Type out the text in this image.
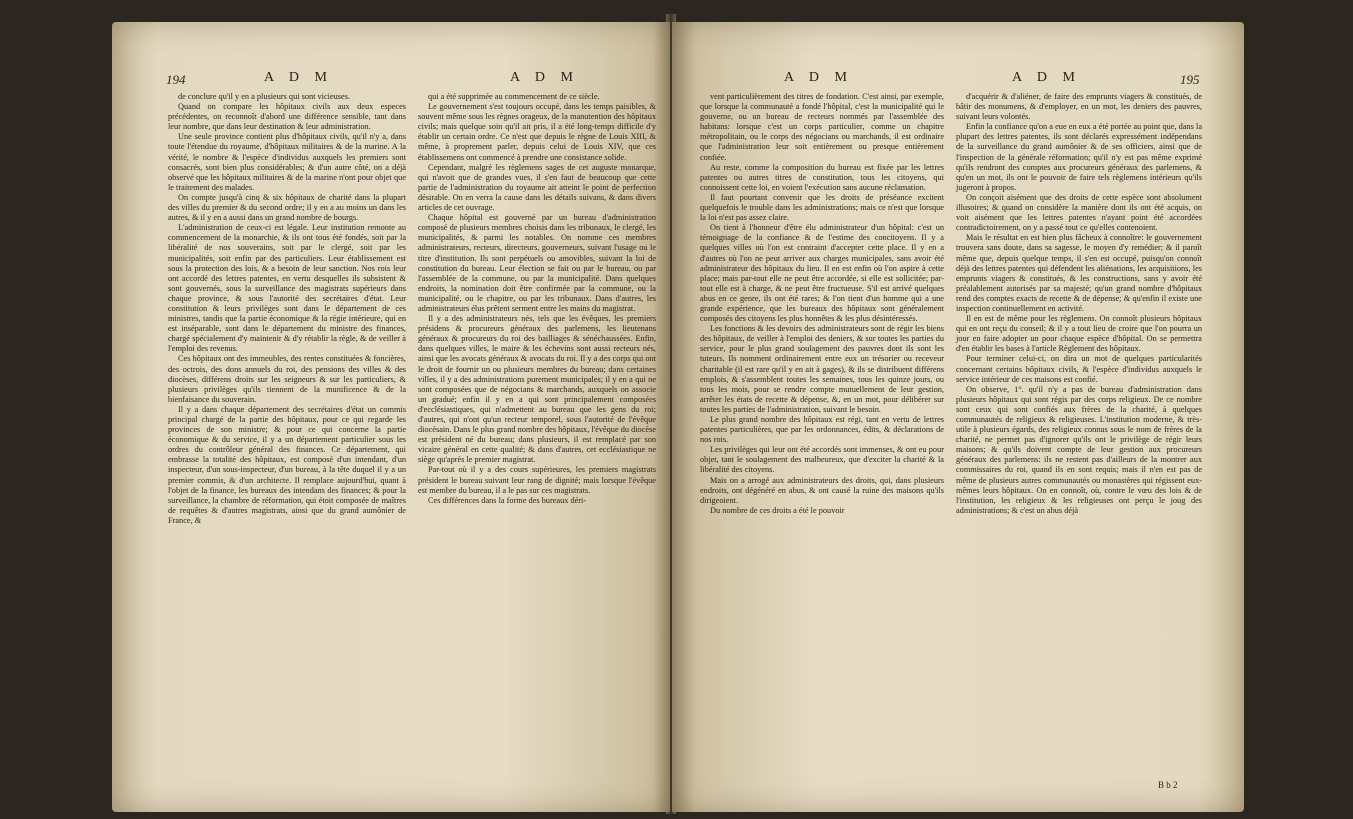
194	A D M	A D M

de conclure qu'il y en a plusieurs qui sont vicieuses.

Quand on compare les hôpitaux civils aux deux especes précédentes, on reconnoît d'abord une différence sensible, tant dans leur nombre, que dans leur destination & leur administration.

Une seule province contient plus d'hôpitaux civils, qu'il n'y a, dans toute l'étendue du royaume, d'hôpitaux militaires & de la marine. A la vérité, le nombre & l'espèce d'individus auxquels les premiers sont consacrés, sont bien plus considérables; & d'un autre côté, on a déjà observé que les hôpitaux militaires & de la marine n'ont pour objet que le traitement des malades.

On compte jusqu'à cinq & six hôpitaux de charité dans la plupart des villes du premier & du second ordre; il y en a au moins un dans les autres, & il y en a aussi dans un grand nombre de bourgs.

L'administration de ceux-ci est légale. Leur institution remonte au commencement de la monarchie, & ils ont tous été fondés, soit par la libéralité de nos souverains, soit par le clergé, soit par les municipalités, soit enfin par des particuliers. Leur établissement est sous la protection des lois, & a besoin de leur sanction. Nos rois leur ont accordé des lettres patentes, en vertu desquelles ils subsistent & sont gouvernés, sous la surveillance des magistrats supérieurs dans chaque province, & sous l'autorité des secrétaires d'état. Leur constitution & leurs privilèges sont dans le département de ces ministres, tandis que la partie économique & la régie intérieure, qui en est inséparable, sont dans le département du ministre des finances, chargé spécialement d'y maintenir & d'y rétablir la règle, & de veiller à l'emploi des revenus.

Ces hôpitaux ont des immeubles, des rentes constituées & foncières, des octrois, des dons annuels du roi, des pensions des villes & des diocèses, différens droits sur les seigneurs & sur les particuliers, & plusieurs privilèges qu'ils tiennent de la munificence & de la bienfaisance du souverain.

Il y a dans chaque département des secrétaires d'état un commis principal chargé de la partie des hôpitaux, pour ce qui regarde les provinces de son ministre; & pour ce qui concerne la partie économique & du service, il y a un département particulier sous les ordres du contrôleur général des finances. Ce département, qui embrasse la totalité des hôpitaux, est composé d'un intendant, d'un inspecteur, d'un sous-inspecteur, d'un bureau, à la tête duquel il y a un premier commis, & d'un architecte. Il remplace aujourd'hui, quant à l'objet de la finance, les bureaux des intendans des finances; & pour la surveillance, la chambre de réformation, qui étoit composée de maîtres de requêtes & d'autres magistrats, ainsi que du grand aumônier de France, &

qui a été supprimée au commencement de ce siècle.

Le gouvernement s'est toujours occupé, dans les temps paisibles, & souvent même sous les règnes orageux, de la manutention des hôpitaux civils; mais quelque soin qu'il ait pris, il a été long-temps difficile d'y établir un certain ordre. Ce n'est que depuis le règne de Louis XIII, & même, à proprement parler, depuis celui de Louis XIV, que ces établissemens ont commencé à prendre une consistance solide.

Cependant, malgré les règlemens sages de cet auguste monarque, qui n'avoit que de grandes vues, il s'en faut de beaucoup que cette partie de l'administration du royaume ait atteint le point de perfection désirable. On en verra la cause dans les détails suivans, & dans divers articles de cet ouvrage.

Chaque hôpital est gouverné par un bureau d'administration composé de plusieurs membres choisis dans les tribunaux, le clergé, les municipalités, & parmi les notables. On nomme ces membres administrateurs, recteurs, directeurs, gouverneurs, suivant l'usage ou le titre d'institution. Ils sont perpétuels ou amovibles, suivant la loi de constitution du bureau. Leur élection se fait ou par le bureau, ou par l'assemblée de la commune, ou par la municipalité. Dans quelques endroits, la nomination doit être confirmée par la commune, ou la municipalité, ou le chapitre, ou par les tribunaux. Dans d'autres, les administrateurs élus prêtent serment entre les mains du magistrat.

Il y a des administrateurs nés, tels que les évêques, les premiers présidens & procureurs généraux des parlemens, les lieutenans généraux & procureurs du roi des bailliages & sénéchaussées. Enfin, dans quelques villes, le maire & les échevins sont aussi recteurs nés, ainsi que les avocats généraux & avocats du roi. Il y a des corps qui ont le droit de fournir un ou plusieurs membres du bureau; dans certaines villes, il y a des administrations purement municipales; il y en a qui ne sont composées que de négocians & marchands, auxquels on associe un gradué; enfin il y en a qui sont principalement composées d'ecclésiastiques, qui n'admettent au bureau que les gens du roi; d'autres, qui n'ont qu'un recteur temporel, sous l'autorité de l'évêque diocésain. Dans le plus grand nombre des hôpitaux, l'évêque du diocèse est président né du bureau; dans plusieurs, il est remplacé par son vicaire général en cette qualité; & dans d'autres, cet ecclésiastique ne siège qu'après le premier magistrat.

Par-tout où il y a des cours supérieures, les premiers magistrats président le bureau suivant leur rang de dignité; mais lorsque l'évêque est membre du bureau, il a le pas sur ces magistrats.

Ces différences dans la forme des bureaux déri-

A D M	A D M	195

vent particulièrement des titres de fondation. C'est ainsi, par exemple, que lorsque la communauté a fondé l'hôpital, c'est la municipalité qui le gouverne, ou un bureau de recteurs nommés par l'assemblée des habitans: lorsque c'est un corps particulier, comme un chapitre métropolitain, ou le corps des négocians ou marchands, il est ordinaire que l'administration leur soit entièrement ou presque entièrement confiée.

Au reste, comme la composition du bureau est fixée par les lettres patentes ou autres titres de constitution, tous les citoyens, qui connoissent cette loi, en voient l'exécution sans aucune réclamation.

Il faut pourtant convenir que les droits de préséance excitent quelquefois le trouble dans les administrations; mais ce n'est que lorsque la loi n'est pas assez claire.

On tient à l'honneur d'être élu administrateur d'un hôpital: c'est un témoignage de la confiance & de l'estime des concitoyens. Il y a quelques villes où l'on est contraint d'accepter cette place. Il y en a d'autres où l'on ne peut arriver aux charges municipales, sans avoir été administrateur des hôpitaux du lieu. Il en est enfin où l'on aspire à cette place; mais par-tout elle ne peut être accordée, si elle est sollicitée; par-tout elle est à charge, & ne peut être fructueuse. S'il est arrivé quelques abus en ce genre, ils ont été rares; & l'on tient d'un homme qui a une grande expérience, que les bureaux des hôpitaux sont généralement composés des citoyens les plus honnêtes & les plus désintéressés.

Les fonctions & les devoirs des administrateurs sont de régir les biens des hôpitaux, de veiller à l'emploi des deniers, & sur toutes les parties du service, pour le plus grand soulagement des pauvres dont ils sont les tuteurs. Ils nomment ordinairement entre eux un trésorier ou receveur charitable (il est rare qu'il y en ait à gages), & ils se distribuent différens emplois, & s'assemblent toutes les semaines, tous les quinze jours, ou tous les mois, pour se rendre compte mutuellement de leur gestion, arrêter les états de recette & dépense, &, en un mot, pour délibérer sur toutes les parties de l'administration, suivant le besoin.

Le plus grand nombre des hôpitaux est régi, tant en vertu de lettres patentes particulières, que par les ordonnances, édits, & déclarations de nos rois.

Les privilèges qui leur ont été accordés sont immenses, & ont eu pour objet, tant le soulagement des malheureux, que d'exciter la charité & la libéralité des citoyens.

Mais on a arrogé aux administrateurs des droits, qui, dans plusieurs endroits, ont dégénéré en abus, & ont causé la ruine des maisons qu'ils dirigeoient.

Du nombre de ces droits a été le pouvoir

d'acquérir & d'aliéner, de faire des emprunts viagers & constitués, de bâtir des monumens, & d'employer, en un mot, les deniers des pauvres, suivant leurs volontés.

Enfin la confiance qu'on a eue en eux a été portée au point que, dans la plupart des lettres patentes, ils sont déclarés expressément indépendans de la surveillance du grand aumônier & de ses officiers, ainsi que de l'inspection de la générale réformation; qu'il n'y est pas même exprimé qu'ils rendront des comptes aux procureurs généraux des parlemens, & qu'en un mot, ils ont le pouvoir de faire tels règlemens intérieurs qu'ils jugeront à propos.

On conçoit aisément que des droits de cette espèce sont absolument illusoires; & quand on considère la manière dont ils ont été acquis, on voit aisément que les lettres patentes n'ayant point été accordées contradictoirement, on y a passé tout ce qu'elles contenoient.

Mais le résultat en est bien plus fâcheux à connoître: le gouvernement trouvera sans doute, dans sa sagesse, le moyen d'y remédier; & il paroît même que, depuis quelque temps, il s'en est occupé, puisqu'on connoît déjà des lettres patentes qui défendent les aliénations, les acquisitions, les emprunts viagers & constitués, & les constructions, sans y avoir été préalablement autorisés par sa majesté; qu'un grand nombre d'hôpitaux rend des comptes exacts de recette & de dépense; & qu'enfin il existe une inspection continuellement en activité.

Il en est de même pour les règlemens. On connoît plusieurs hôpitaux qui en ont reçu du conseil; & il y a tout lieu de croire que l'on pourra un jour en faire adopter un pour chaque espèce d'hôpital. On se permettra d'en établir les bases à l'article Règlement des hôpitaux.

Pour terminer celui-ci, on dira un mot de quelques particularités concernant certains hôpitaux civils, & l'espèce d'individus auxquels le service intérieur de ces maisons est confié.

On observe, 1°. qu'il n'y a pas de bureau d'administration dans plusieurs hôpitaux qui sont régis par des corps religieux. De ce nombre sont ceux qui sont confiés aux frères de la charité, à quelques communautés de religieux & religieuses. L'institution moderne, & très-utile à plusieurs égards, des religieux connus sous le nom de frères de la charité, ne permet pas d'ignorer qu'ils ont le privilège de régir leurs maisons; & qu'ils doivent compte de leur gestion aux procureurs généraux des parlemens: ils ne restent pas d'ailleurs de la montrer aux commissaires du roi, quand ils en sont requis; mais il n'en est pas de même de plusieurs autres communautés ou monastères qui régissent eux-mêmes leurs hôpitaux. On en connoît, où, contre le vœu des lois & de l'institution, les religieux & les religieuses ont perçu le joug des administrations; & c'est un abus déjà

B b 2
